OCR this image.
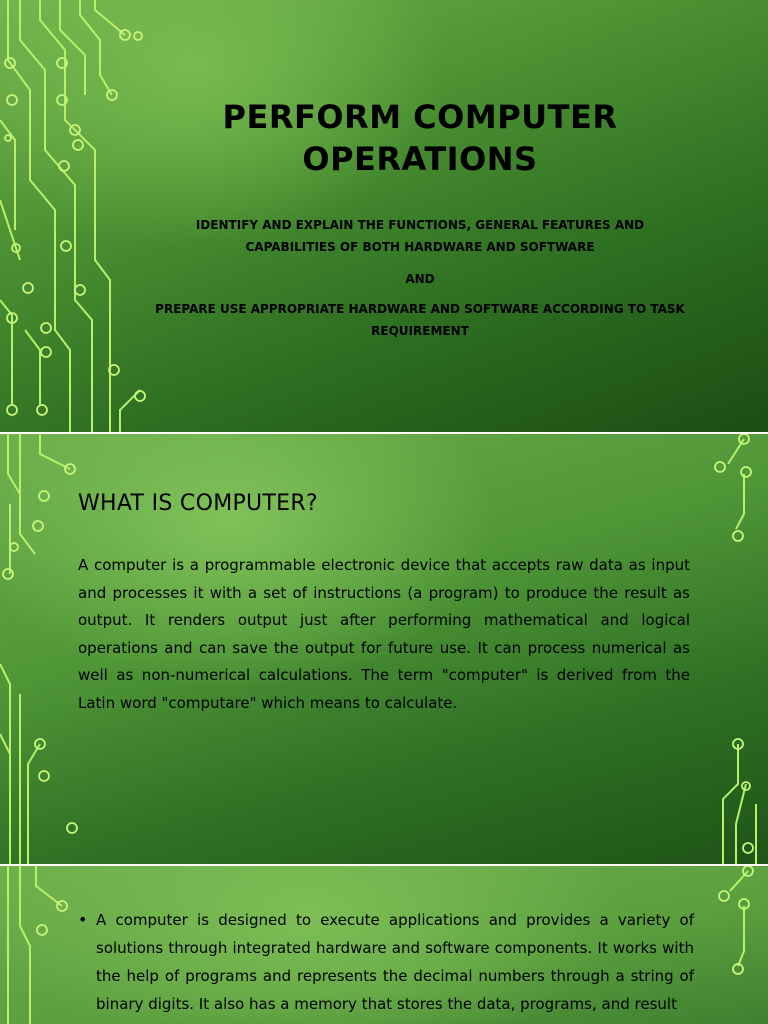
PERFORM COMPUTER OPERATIONS
IDENTIFY AND EXPLAIN THE FUNCTIONS, GENERAL FEATURES AND CAPABILITIES OF BOTH HARDWARE AND SOFTWARE
AND
PREPARE USE APPROPRIATE HARDWARE AND SOFTWARE ACCORDING TO TASK REQUIREMENT
WHAT IS COMPUTER?
A computer is a programmable electronic device that accepts raw data as input and processes it with a set of instructions (a program) to produce the result as output. It renders output just after performing mathematical and logical operations and can save the output for future use. It can process numerical as well as non-numerical calculations. The term "computer" is derived from the Latin word "computare" which means to calculate.
• A computer is designed to execute applications and provides a variety of solutions through integrated hardware and software components. It works with the help of programs and represents the decimal numbers through a string of binary digits. It also has a memory that stores the data, programs, and result
